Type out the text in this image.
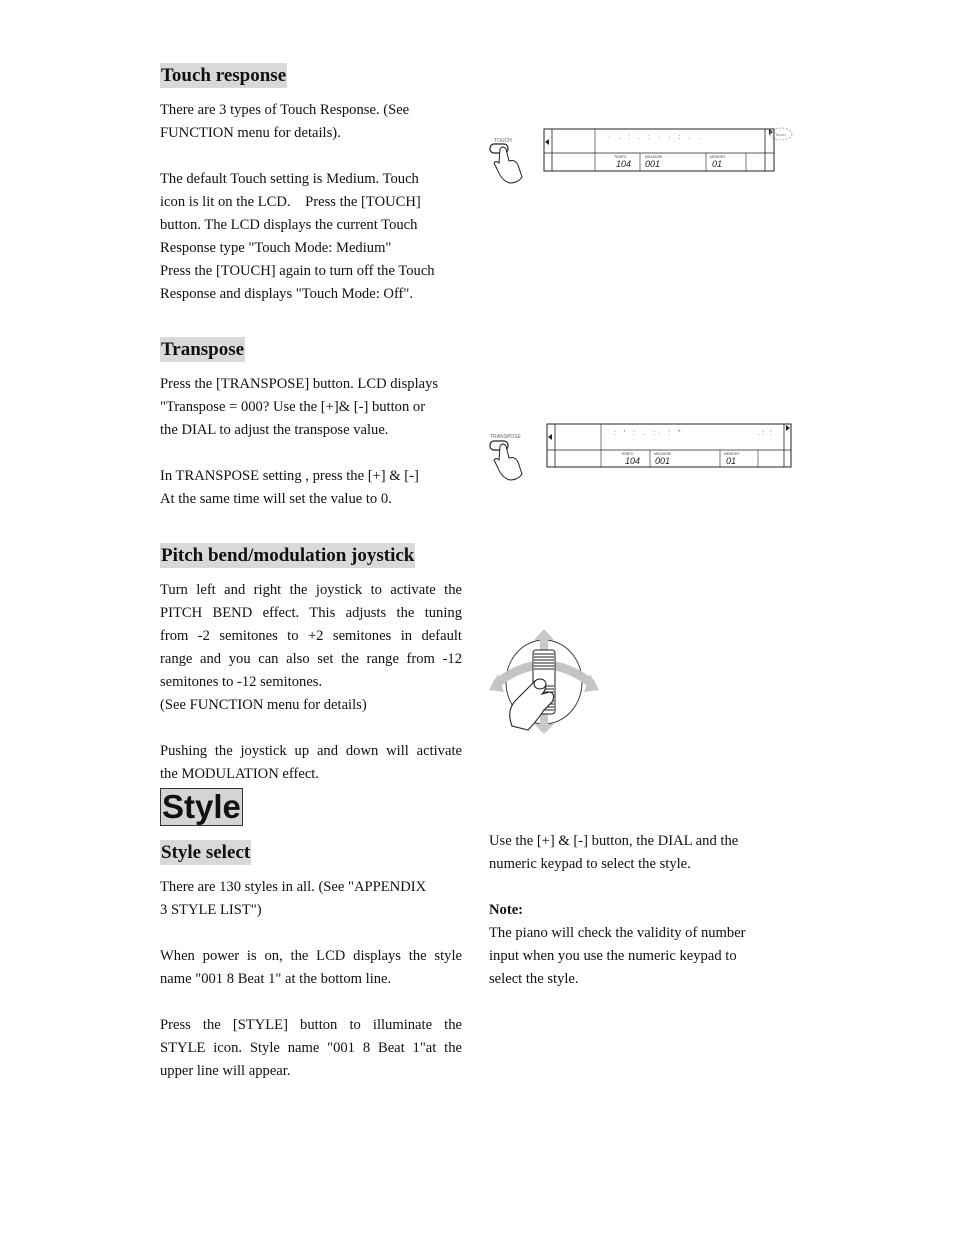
Touch response
There are 3 types of Touch Response. (See
FUNCTION menu for details).

The default Touch setting is Medium. Touch
icon is lit on the LCD.    Press the [TOUCH]
button. The LCD displays the current Touch
Response type "Touch Mode: Medium"
Press the [TOUCH] again to turn off the Touch
Response and displays "Touch Mode: Off".
TOUCH	· . : . : · · : . .
TEMPO	MEASURE	MEMORY
104 001	01
Touch
Transpose
Press the [TRANSPOSE] button. LCD displays
"Transpose = 000? Use the [+]& [-] button or
the DIAL to adjust the transpose value.

In TRANSPOSE setting , press the [+] & [-]
At the same time will set the value to 0.
TRANSPOSE	: ' : . :· : "	.: :
TEMPO	MEASURE	MEMORY
104 001	01
Pitch bend/modulation joystick
Turn left and right the joystick to activate the
PITCH BEND effect. This adjusts the tuning
from -2 semitones to +2 semitones in default
range and you can also set the range from -12
semitones to -12 semitones.
(See FUNCTION menu for details)

Pushing the joystick up and down will activate
the MODULATION effect.
Style
Style select
There are 130 styles in all. (See "APPENDIX
3 STYLE LIST")

When power is on, the LCD displays the style
name "001 8 Beat 1" at the bottom line.

Press the [STYLE] button to illuminate the
STYLE icon. Style name "001 8 Beat 1"at the
upper line will appear.
Use the [+] & [-] button, the DIAL and the
numeric keypad to select the style.

Note:
The piano will check the validity of number
input when you use the numeric keypad to
select the style.
